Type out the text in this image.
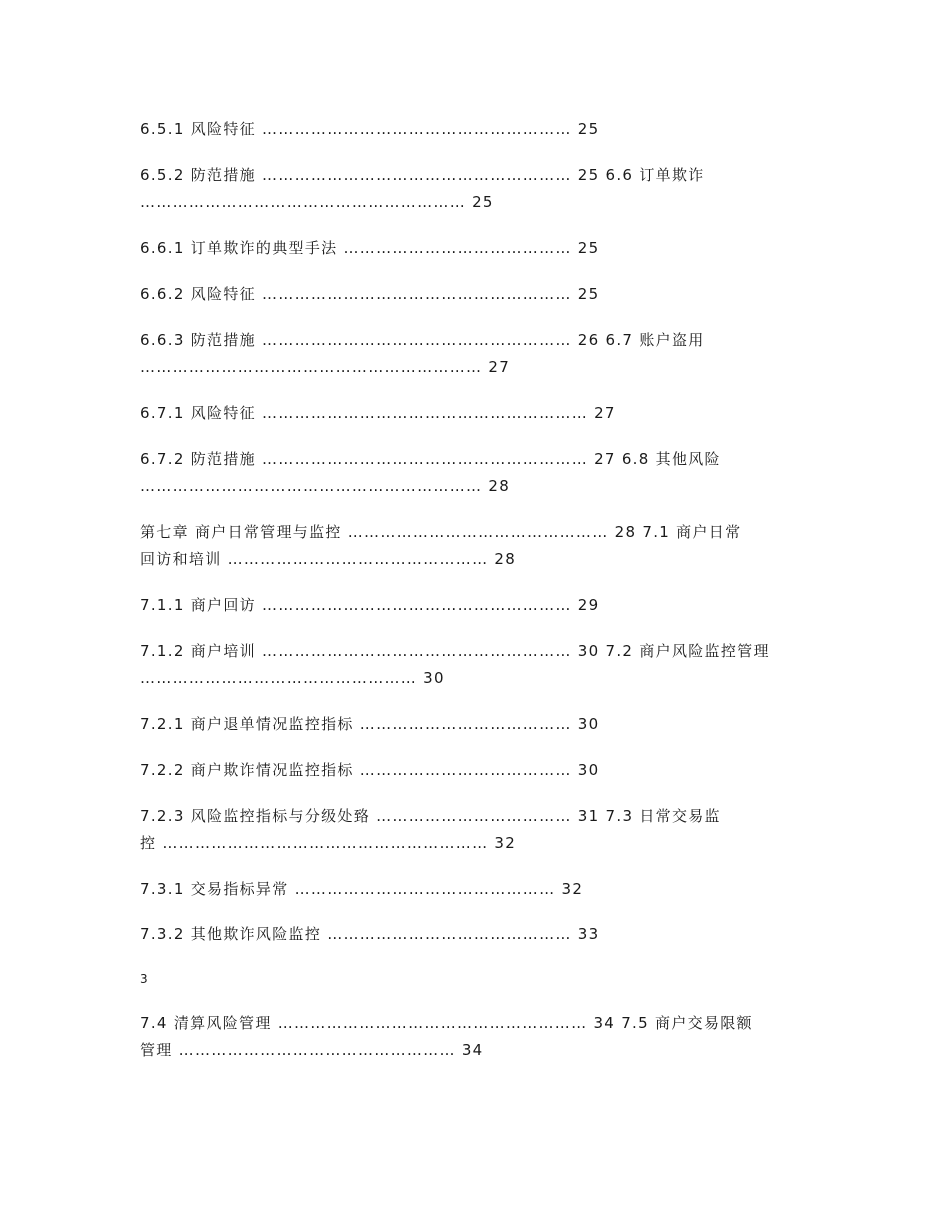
6.5.1 风险特征 ………………………………………………… 25
6.5.2 防范措施 ………………………………………………… 25 6.6 订单欺诈
…………………………………………………… 25
6.6.1 订单欺诈的典型手法 …………………………………… 25
6.6.2 风险特征 ………………………………………………… 25
6.6.3 防范措施 ………………………………………………… 26 6.7 账户盗用
……………………………………………………… 27
6.7.1 风险特征 …………………………………………………… 27
6.7.2 防范措施 …………………………………………………… 27 6.8 其他风险
……………………………………………………… 28
第七章 商户日常管理与监控 ………………………………………… 28 7.1 商户日常
回访和培训 ………………………………………… 28
7.1.1 商户回访 ………………………………………………… 29
7.1.2 商户培训 ………………………………………………… 30 7.2 商户风险监控管理
…………………………………………… 30
7.2.1 商户退单情况监控指标 ………………………………… 30
7.2.2 商户欺诈情况监控指标 ………………………………… 30
7.2.3 风险监控指标与分级处臵 ……………………………… 31 7.3 日常交易监
控 …………………………………………………… 32
7.3.1 交易指标异常 ………………………………………… 32
7.3.2 其他欺诈风险监控 ……………………………………… 33
3
7.4 清算风险管理 ………………………………………………… 34 7.5 商户交易限额
管理 …………………………………………… 34
